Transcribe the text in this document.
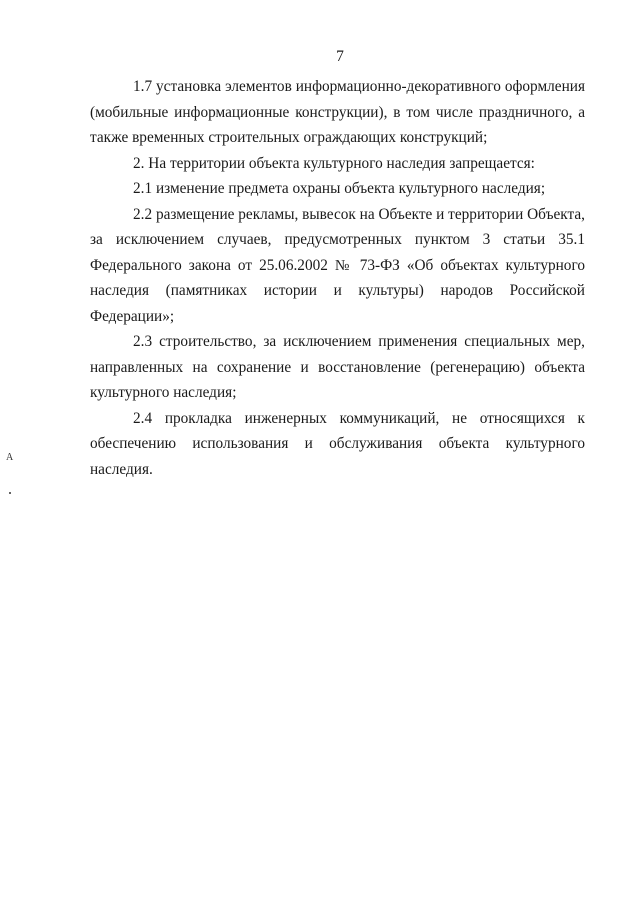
7

1.7 установка элементов информационно-декоративного оформления (мобильные информационные конструкции), в том числе праздничного, а также временных строительных ограждающих конструкций;

2. На территории объекта культурного наследия запрещается:

2.1 изменение предмета охраны объекта культурного наследия;

2.2 размещение рекламы, вывесок на Объекте и территории Объекта, за исключением случаев, предусмотренных пунктом 3 статьи 35.1 Федерального закона от 25.06.2002 № 73-ФЗ «Об объектах культурного наследия (памятниках истории и культуры) народов Российской Федерации»;

2.3 строительство, за исключением применения специальных мер, направленных на сохранение и восстановление (регенерацию) объекта культурного наследия;

2.4 прокладка инженерных коммуникаций, не относящихся к обеспечению использования и обслуживания объекта культурного наследия.

A
